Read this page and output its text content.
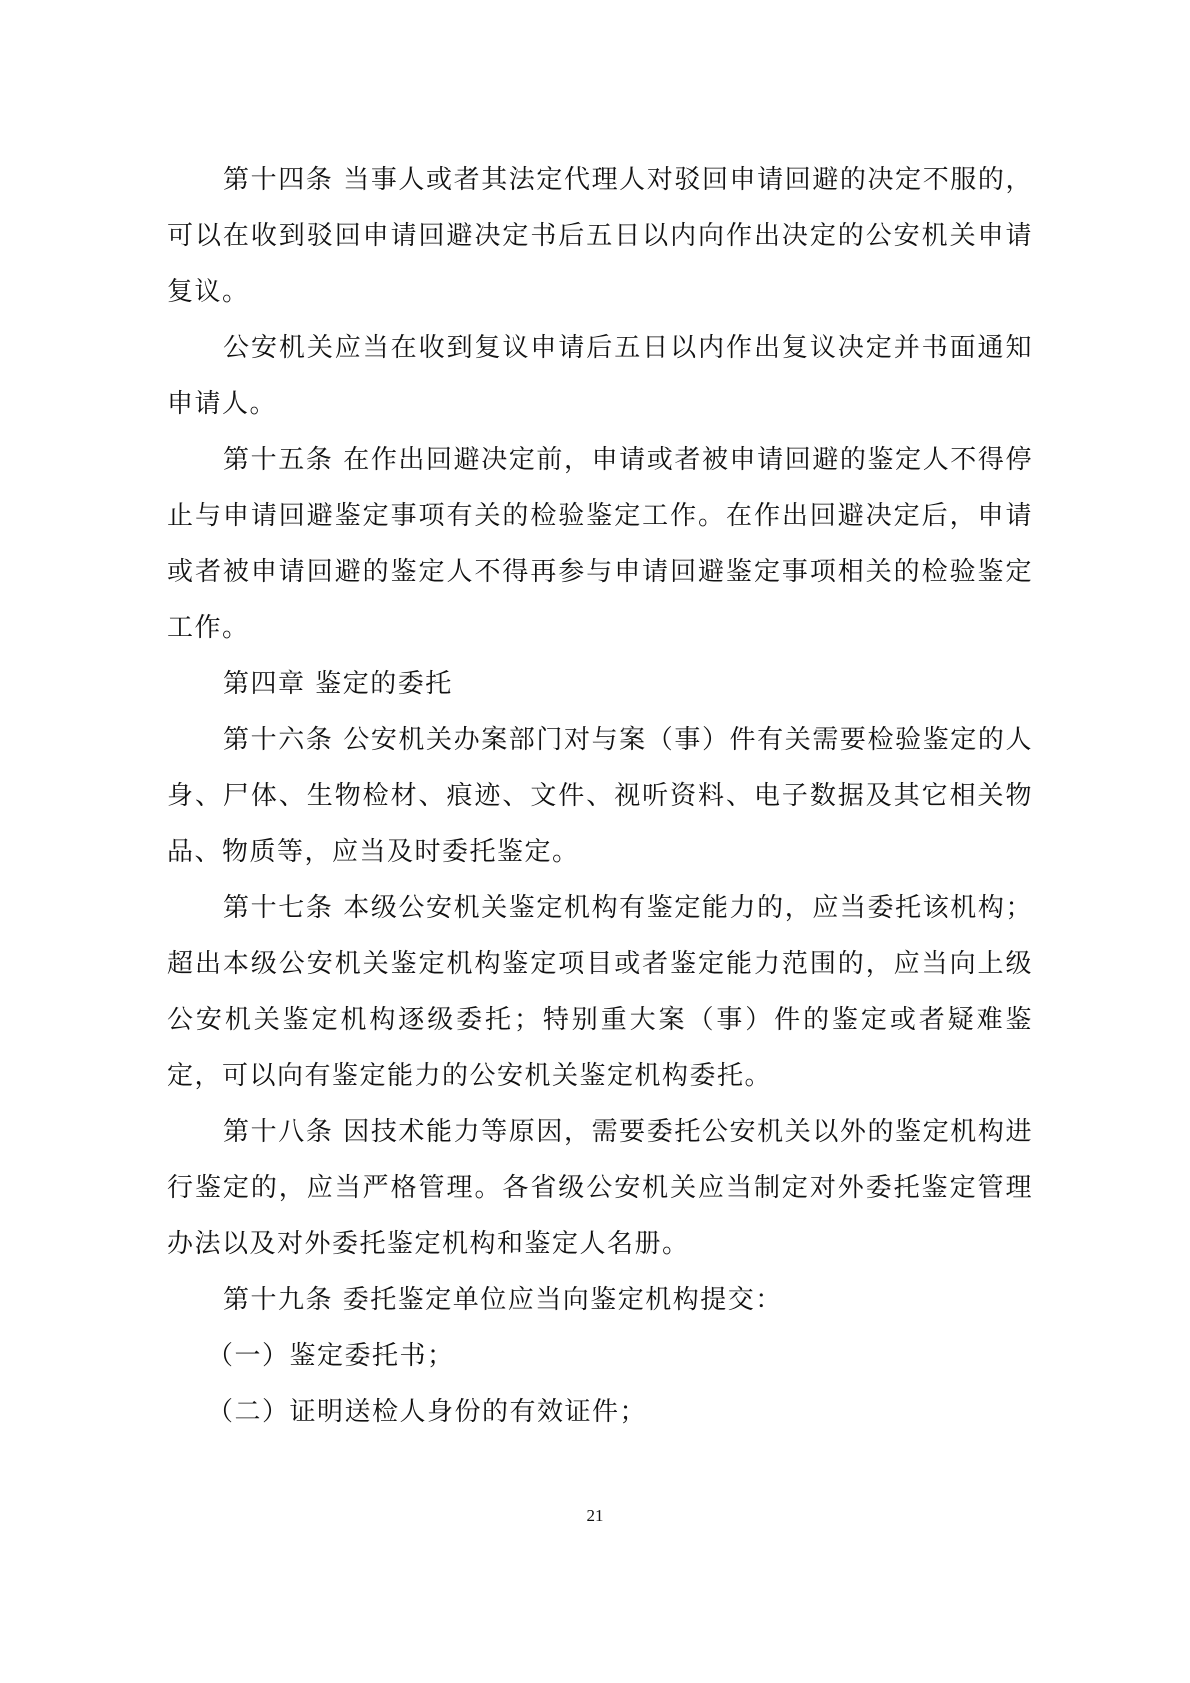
第十四条 当事人或者其法定代理人对驳回申请回避的决定不服的，可以在收到驳回申请回避决定书后五日以内向作出决定的公安机关申请复议。

公安机关应当在收到复议申请后五日以内作出复议决定并书面通知申请人。

第十五条 在作出回避决定前，申请或者被申请回避的鉴定人不得停止与申请回避鉴定事项有关的检验鉴定工作。在作出回避决定后，申请或者被申请回避的鉴定人不得再参与申请回避鉴定事项相关的检验鉴定工作。

第四章 鉴定的委托

第十六条 公安机关办案部门对与案（事）件有关需要检验鉴定的人身、尸体、生物检材、痕迹、文件、视听资料、电子数据及其它相关物品、物质等，应当及时委托鉴定。

第十七条 本级公安机关鉴定机构有鉴定能力的，应当委托该机构；超出本级公安机关鉴定机构鉴定项目或者鉴定能力范围的，应当向上级公安机关鉴定机构逐级委托；特别重大案（事）件的鉴定或者疑难鉴定，可以向有鉴定能力的公安机关鉴定机构委托。

第十八条 因技术能力等原因，需要委托公安机关以外的鉴定机构进行鉴定的，应当严格管理。各省级公安机关应当制定对外委托鉴定管理办法以及对外委托鉴定机构和鉴定人名册。

第十九条 委托鉴定单位应当向鉴定机构提交：

（一）鉴定委托书；

（二）证明送检人身份的有效证件；

21
